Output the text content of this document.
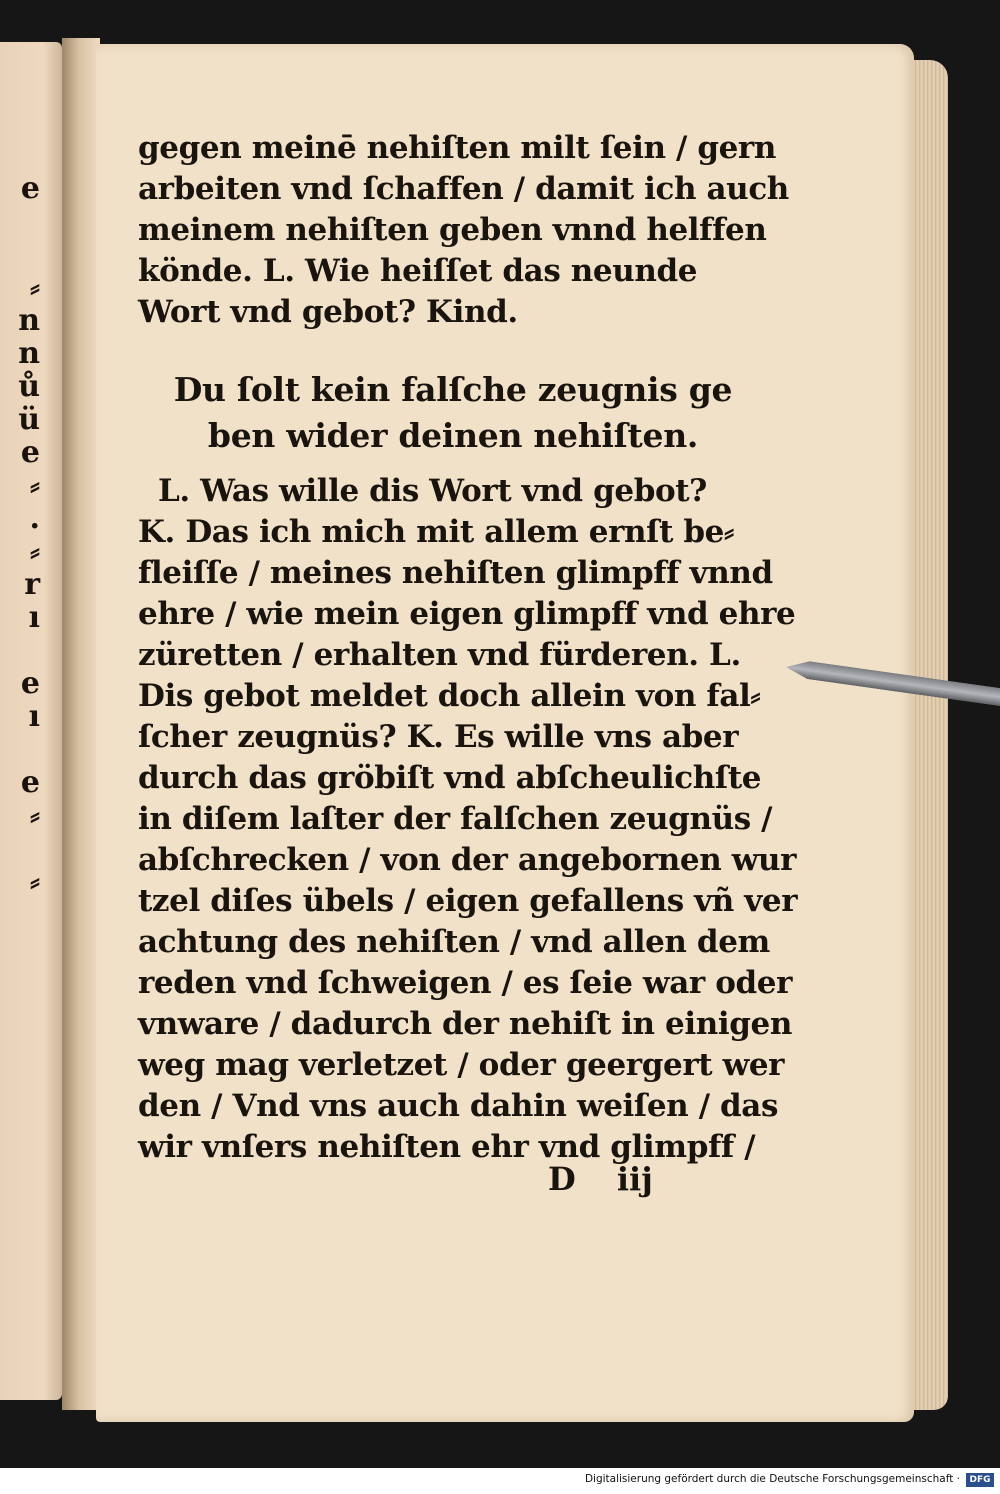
e
⸗
n
n
ů
ü
e
⸗
.
⸗
r
ı
e
ı
e
⸗
⸗
gegen meinē nehiſten milt ſein / gern
arbeiten vnd ſchaffen / damit ich auch
meinem nehiſten geben vnnd helffen
könde. L. Wie heiſſet das neunde
Wort vnd gebot? Kind.
Du ſolt kein falſche zeugnis ge
ben wider deinen nehiſten.
L. Was wille dis Wort vnd gebot?
K. Das ich mich mit allem ernſt be⸗
fleiſſe / meines nehiſten glimpff vnnd
ehre / wie mein eigen glimpff vnd ehre
züretten / erhalten vnd fürderen. L.
Dis gebot meldet doch allein von fal⸗
ſcher zeugnüs? K. Es wille vns aber
durch das gröbiſt vnd abſcheulichſte
in diſem laſter der falſchen zeugnüs /
abſchrecken / von der angebornen wur
tzel diſes übels / eigen gefallens vñ ver
achtung des nehiſten / vnd allen dem
reden vnd ſchweigen / es ſeie war oder
vnware / dadurch der nehiſt in einigen
weg mag verletzet / oder geergert wer
den / Vnd vns auch dahin weiſen / das
wir vnſers nehiſten ehr vnd glimpff /
D iij
Digitalisierung gefördert durch die Deutsche Forschungsgemeinschaft ·	DFG
